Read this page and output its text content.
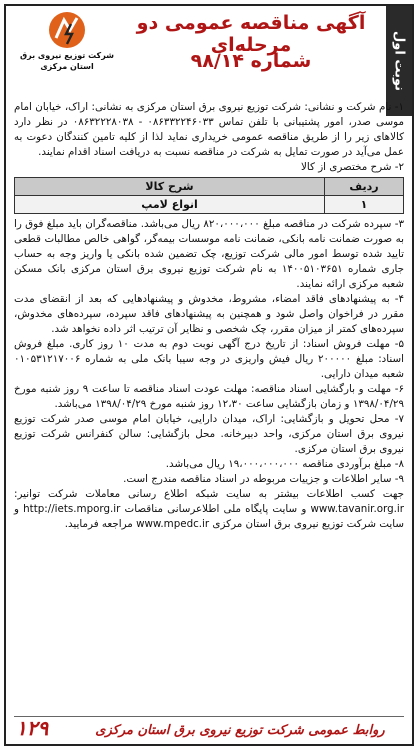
نوبت اول
شرکت توزیع نیروی برق
استان مرکزی
آگهی مناقصه عمومی دو مرحله‌ای
شماره ۹۸/۱۴

۱- نام شرکت و نشانی: شرکت توزیع نیروی برق استان مرکزی به نشانی: اراک، خیابان امام موسی صدر، امور پشتیبانی با تلفن تماس ۰۸۶۳۳۲۲۴۶۰۳۳ - ۰۸۶۳۲۲۲۸۰۳۸ در نظر دارد کالاهای زیر را از طریق مناقصه عمومی خریداری نماید لذا از کلیه تامین کنندگان دعوت به عمل می‌آید در صورت تمایل به شرکت در مناقصه نسبت به دریافت اسناد اقدام نمایند.

۲- شرح مختصری از کالا

ردیف	شرح کالا
۱	انواع لامپ

۳- سپرده شرکت در مناقصه مبلغ ۸۲۰،۰۰۰،۰۰۰ ریال می‌باشد. مناقصه‌گران باید مبلغ فوق را به صورت ضمانت نامه بانکی، ضمانت نامه موسسات بیمه‌گر، گواهی خالص مطالبات قطعی تایید شده توسط امور مالی شرکت توزیع، چک تضمین شده بانکی یا واریز وجه به حساب جاری شماره ۱۴۰۰۵۱۰۳۶۵۱ به نام شرکت توزیع نیروی برق استان مرکزی بانک مسکن شعبه مرکزی ارائه نمایند.

۴- به پیشنهادهای فاقد امضاء، مشروط، مخدوش و پیشنهادهایی که بعد از انقضای مدت مقرر در فراخوان واصل شود و همچنین به پیشنهادهای فاقد سپرده، سپرده‌های مخدوش، سپرده‌های کمتر از میزان مقرر، چک شخصی و نظایر آن ترتیب اثر داده نخواهد شد.

۵- مهلت فروش اسناد: از تاریخ درج آگهی نوبت دوم به مدت ۱۰ روز کاری. مبلغ فروش اسناد: مبلغ ۲۰۰۰۰۰ ریال فیش واریزی در وجه سیبا بانک ملی به شماره ۰۱۰۵۳۱۲۱۷۰۰۶ شعبه میدان دارایی.

۶- مهلت و بارگشایی اسناد مناقصه: مهلت عودت اسناد مناقصه تا ساعت ۹ روز شنبه مورخ ۱۳۹۸/۰۴/۲۹ و زمان بازگشایی ساعت ۱۲،۳۰ روز شنبه مورخ ۱۳۹۸/۰۴/۲۹ می‌باشد.

۷- محل تحویل و بازگشایی: اراک، میدان دارایی، خیابان امام موسی صدر شرکت توزیع نیروی برق استان مرکزی، واحد دبیرخانه. محل بازگشایی: سالن کنفرانس شرکت توزیع نیروی برق استان مرکزی.

۸- مبلغ برآوردی مناقصه ۱۹،۰۰۰،۰۰۰،۰۰۰ ریال می‌باشد.

۹- سایر اطلاعات و جزییات مربوطه در اسناد مناقصه مندرج است.

جهت کسب اطلاعات بیشتر به سایت شبکه اطلاع رسانی معاملات شرکت توانیر: www.tavanir.org.ir و سایت پایگاه ملی اطلاعرسانی مناقصات http://iets.mporg.ir و سایت شرکت توزیع نیروی برق استان مرکزی www.mpedc.ir مراجعه فرمایید.

روابط عمومی شرکت توزیع نیروی برق استان مرکزی
۱۲۹
